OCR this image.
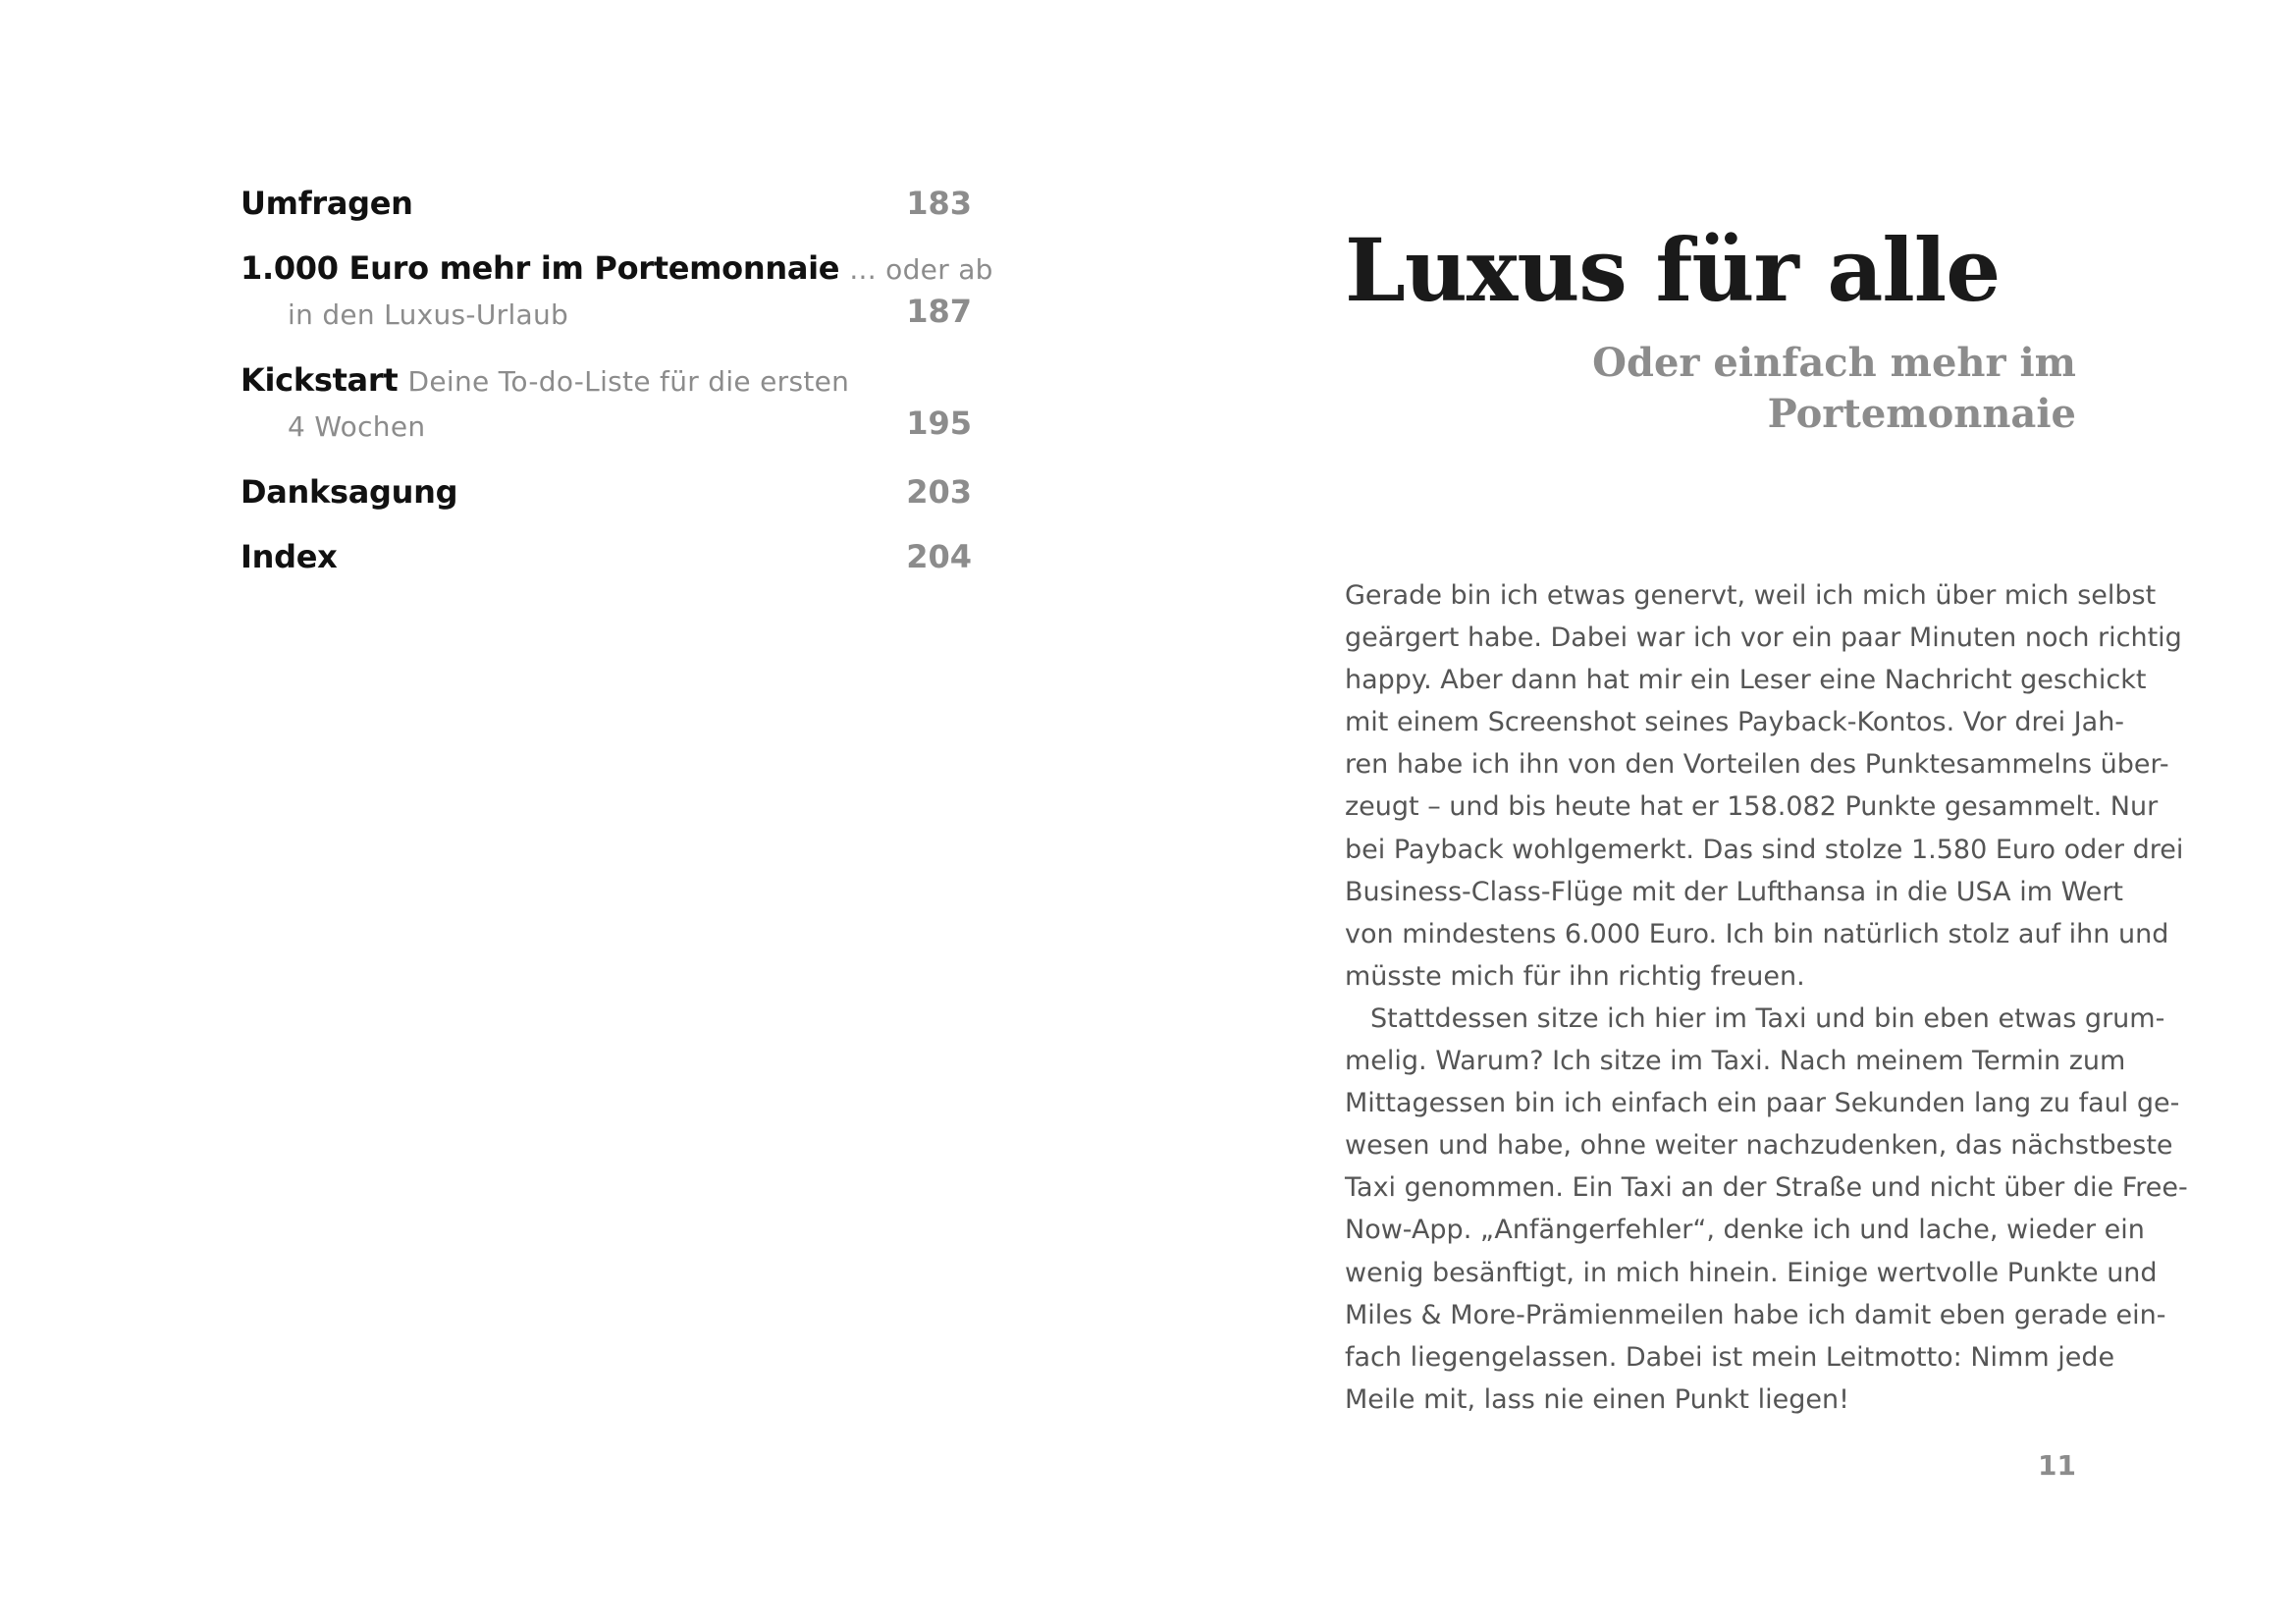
Umfragen	183
1.000 Euro mehr im Portemonnaie ... oder ab
in den Luxus-Urlaub	187
Kickstart Deine To-do-Liste für die ersten
4 Wochen	195
Danksagung	203
Index	204
Luxus für alle
Oder einfach mehr im
Portemonnaie
Gerade bin ich etwas genervt, weil ich mich über mich selbst
geärgert habe. Dabei war ich vor ein paar Minuten noch richtig
happy. Aber dann hat mir ein Leser eine Nachricht geschickt
mit einem Screenshot seines Payback-Kontos. Vor drei Jah-
ren habe ich ihn von den Vorteilen des Punktesammelns über-
zeugt – und bis heute hat er 158.082 Punkte gesammelt. Nur
bei Payback wohlgemerkt. Das sind stolze 1.580 Euro oder drei
Business-Class-Flüge mit der Lufthansa in die USA im Wert
von mindestens 6.000 Euro. Ich bin natürlich stolz auf ihn und
müsste mich für ihn richtig freuen.
Stattdessen sitze ich hier im Taxi und bin eben etwas grum-
melig. Warum? Ich sitze im Taxi. Nach meinem Termin zum
Mittagessen bin ich einfach ein paar Sekunden lang zu faul ge-
wesen und habe, ohne weiter nachzudenken, das nächstbeste
Taxi genommen. Ein Taxi an der Straße und nicht über die Free-
Now-App. „Anfängerfehler“, denke ich und lache, wieder ein
wenig besänftigt, in mich hinein. Einige wertvolle Punkte und
Miles & More-Prämienmeilen habe ich damit eben gerade ein-
fach liegengelassen. Dabei ist mein Leitmotto: Nimm jede
Meile mit, lass nie einen Punkt liegen!
11
